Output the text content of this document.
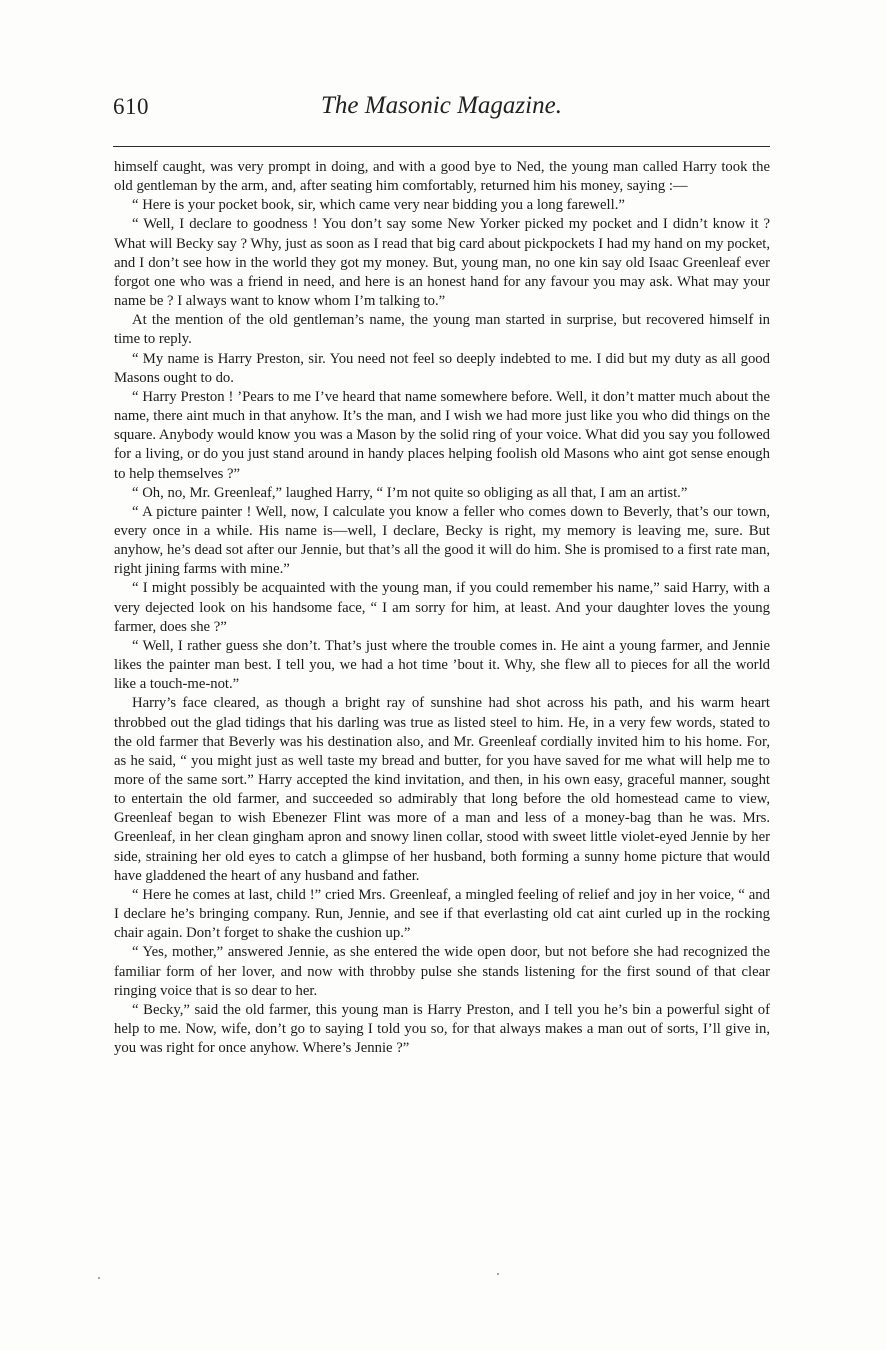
610	The Masonic Magazine.

himself caught, was very prompt in doing, and with a good bye to Ned, the young man called Harry took the old gentleman by the arm, and, after seating him comfortably, returned him his money, saying :—

“ Here is your pocket book, sir, which came very near bidding you a long farewell.”

“ Well, I declare to goodness ! You don’t say some New Yorker picked my pocket and I didn’t know it ? What will Becky say ? Why, just as soon as I read that big card about pickpockets I had my hand on my pocket, and I don’t see how in the world they got my money. But, young man, no one kin say old Isaac Greenleaf ever forgot one who was a friend in need, and here is an honest hand for any favour you may ask. What may your name be ? I always want to know whom I’m talking to.”

At the mention of the old gentleman’s name, the young man started in surprise, but recovered himself in time to reply.

“ My name is Harry Preston, sir. You need not feel so deeply indebted to me. I did but my duty as all good Masons ought to do.

“ Harry Preston ! ’Pears to me I’ve heard that name somewhere before. Well, it don’t matter much about the name, there aint much in that anyhow. It’s the man, and I wish we had more just like you who did things on the square. Anybody would know you was a Mason by the solid ring of your voice. What did you say you followed for a living, or do you just stand around in handy places helping foolish old Masons who aint got sense enough to help themselves ?”

“ Oh, no, Mr. Greenleaf,” laughed Harry, “ I’m not quite so obliging as all that, I am an artist.”

“ A picture painter ! Well, now, I calculate you know a feller who comes down to Beverly, that’s our town, every once in a while. His name is—well, I declare, Becky is right, my memory is leaving me, sure. But anyhow, he’s dead sot after our Jennie, but that’s all the good it will do him. She is promised to a first rate man, right jining farms with mine.”

“ I might possibly be acquainted with the young man, if you could remember his name,” said Harry, with a very dejected look on his handsome face, “ I am sorry for him, at least. And your daughter loves the young farmer, does she ?”

“ Well, I rather guess she don’t. That’s just where the trouble comes in. He aint a young farmer, and Jennie likes the painter man best. I tell you, we had a hot time ’bout it. Why, she flew all to pieces for all the world like a touch-me-not.”

Harry’s face cleared, as though a bright ray of sunshine had shot across his path, and his warm heart throbbed out the glad tidings that his darling was true as listed steel to him. He, in a very few words, stated to the old farmer that Beverly was his destination also, and Mr. Greenleaf cordially invited him to his home. For, as he said, “ you might just as well taste my bread and butter, for you have saved for me what will help me to more of the same sort.” Harry accepted the kind invitation, and then, in his own easy, graceful manner, sought to entertain the old farmer, and succeeded so admirably that long before the old homestead came to view, Greenleaf began to wish Ebenezer Flint was more of a man and less of a money-bag than he was. Mrs. Greenleaf, in her clean gingham apron and snowy linen collar, stood with sweet little violet-eyed Jennie by her side, straining her old eyes to catch a glimpse of her husband, both forming a sunny home picture that would have gladdened the heart of any husband and father.

“ Here he comes at last, child !” cried Mrs. Greenleaf, a mingled feeling of relief and joy in her voice, “ and I declare he’s bringing company. Run, Jennie, and see if that everlasting old cat aint curled up in the rocking chair again. Don’t forget to shake the cushion up.”

“ Yes, mother,” answered Jennie, as she entered the wide open door, but not before she had recognized the familiar form of her lover, and now with throbby pulse she stands listening for the first sound of that clear ringing voice that is so dear to her.

“ Becky,” said the old farmer, this young man is Harry Preston, and I tell you he’s bin a powerful sight of help to me. Now, wife, don’t go to saying I told you so, for that always makes a man out of sorts, I’ll give in, you was right for once anyhow. Where’s Jennie ?”
